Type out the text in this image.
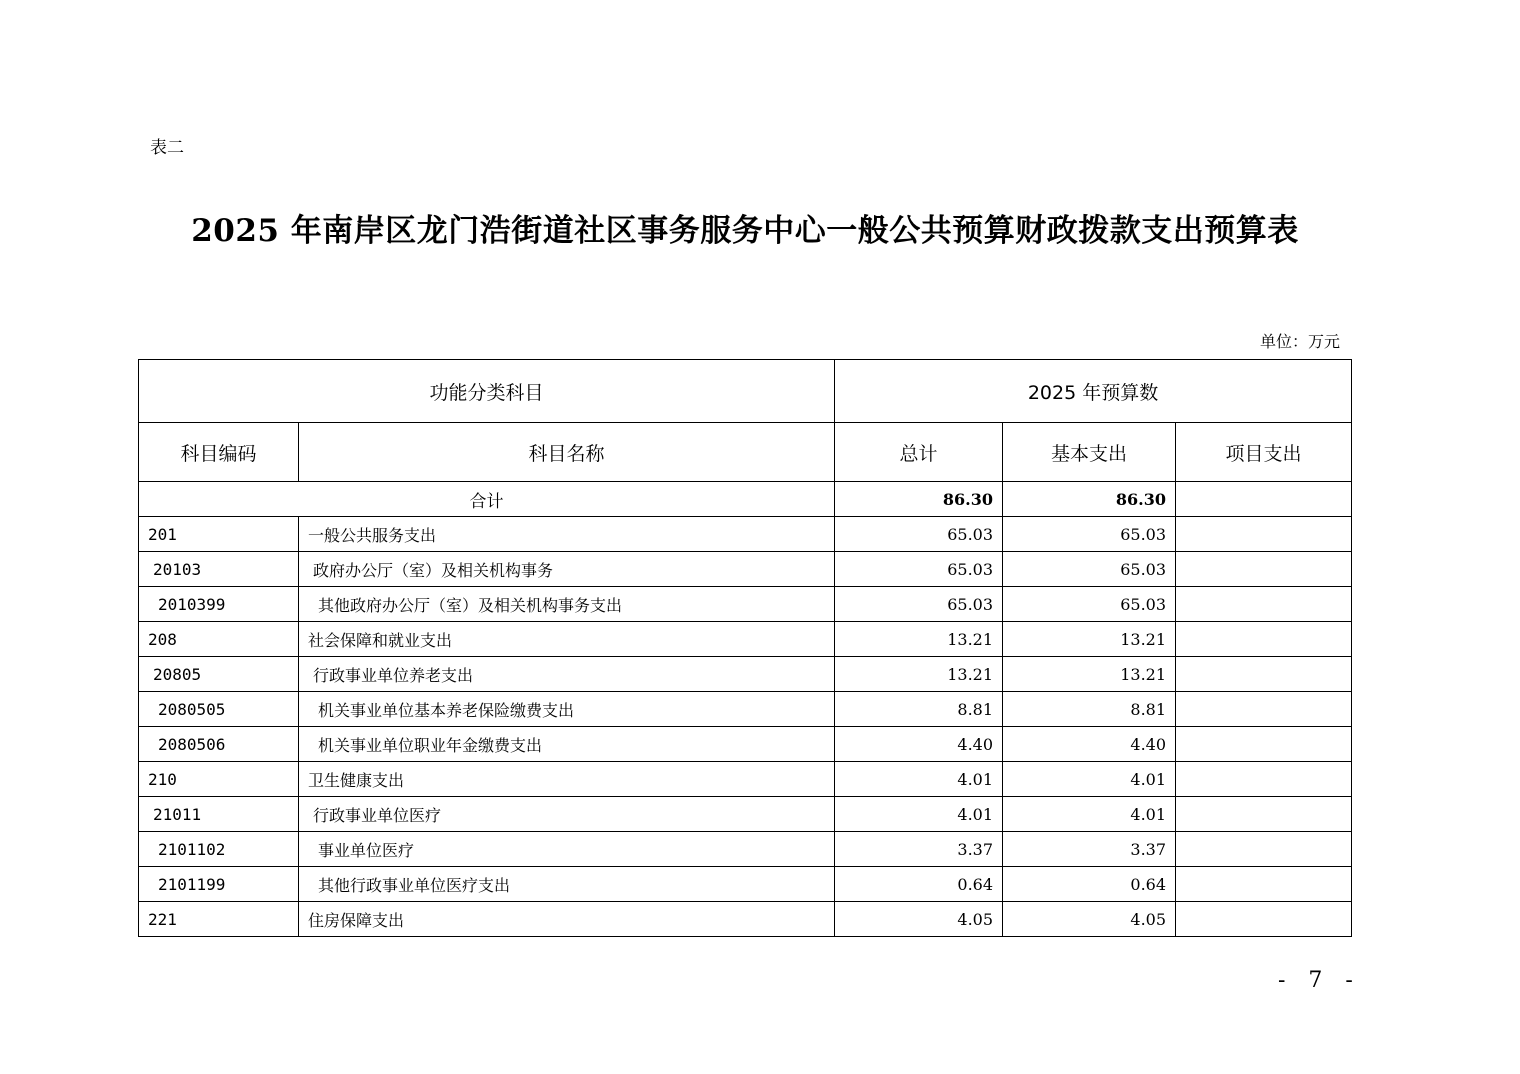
表二
2025 年南岸区龙门浩街道社区事务服务中心一般公共预算财政拨款支出预算表
单位：万元
功能分类科目		2025 年预算数		
科目编码	科目名称	总计	基本支出	项目支出
合计		86.30	86.30	
201	一般公共服务支出	65.03	65.03	
20103	政府办公厅（室）及相关机构事务	65.03	65.03	
2010399	其他政府办公厅（室）及相关机构事务支出	65.03	65.03	
208	社会保障和就业支出	13.21	13.21	
20805	行政事业单位养老支出	13.21	13.21	
2080505	机关事业单位基本养老保险缴费支出	8.81	8.81	
2080506	机关事业单位职业年金缴费支出	4.40	4.40	
210	卫生健康支出	4.01	4.01	
21011	行政事业单位医疗	4.01	4.01	
2101102	事业单位医疗	3.37	3.37	
2101199	其他行政事业单位医疗支出	0.64	0.64	
221	住房保障支出	4.05	4.05	
- 7 -
